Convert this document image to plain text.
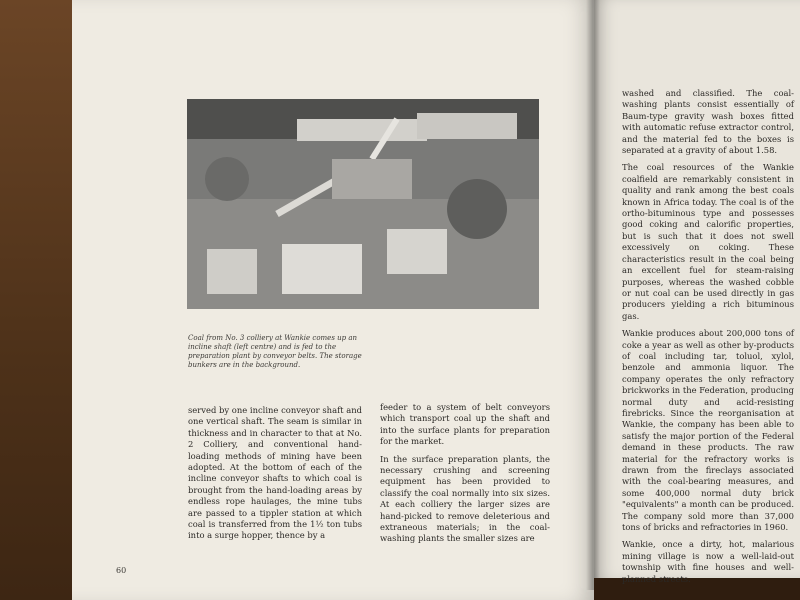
Coal from No. 3 colliery at Wankie comes up an incline shaft (left centre) and is fed to the preparation plant by conveyor belts. The storage bunkers are in the background.

served by one incline conveyor shaft and one vertical shaft. The seam is similar in thickness and in character to that at No. 2 Colliery, and conventional hand-loading methods of mining have been adopted. At the bottom of each of the incline conveyor shafts to which coal is brought from the hand-loading areas by endless rope haulages, the mine tubs are passed to a tippler station at which coal is transferred from the 1½ ton tubs into a surge hopper, thence by a

feeder to a system of belt conveyors which transport coal up the shaft and into the surface plants for preparation for the market.

In the surface preparation plants, the necessary crushing and screening equipment has been provided to classify the coal normally into six sizes. At each colliery the larger sizes are hand-picked to remove deleterious and extraneous materials; in the coal-washing plants the smaller sizes are

washed and classified. The coal-washing plants consist essentially of Baum-type gravity wash boxes fitted with automatic refuse extractor control, and the material fed to the boxes is separated at a gravity of about 1.58.

The coal resources of the Wankie coalfield are remarkably consistent in quality and rank among the best coals known in Africa today. The coal is of the ortho-bituminous type and possesses good coking and calorific properties, but is such that it does not swell excessively on coking. These characteristics result in the coal being an excellent fuel for steam-raising purposes, whereas the washed cobble or nut coal can be used directly in gas producers yielding a rich bituminous gas.

Wankie produces about 200,000 tons of coke a year as well as other by-products of coal including tar, toluol, xylol, benzole and ammonia liquor. The company operates the only refractory brickworks in the Federation, producing normal duty and acid-resisting firebricks. Since the reorganisation at Wankie, the company has been able to satisfy the major portion of the Federal demand in these products. The raw material for the refractory works is drawn from the fireclays associated with the coal-bearing measures, and some 400,000 normal duty brick "equivalents" a month can be produced. The company sold more than 37,000 tons of bricks and refractories in 1960.

Wankie, once a dirty, hot, malarious mining village is now a well-laid-out township with fine houses and well-planned streets.

60
